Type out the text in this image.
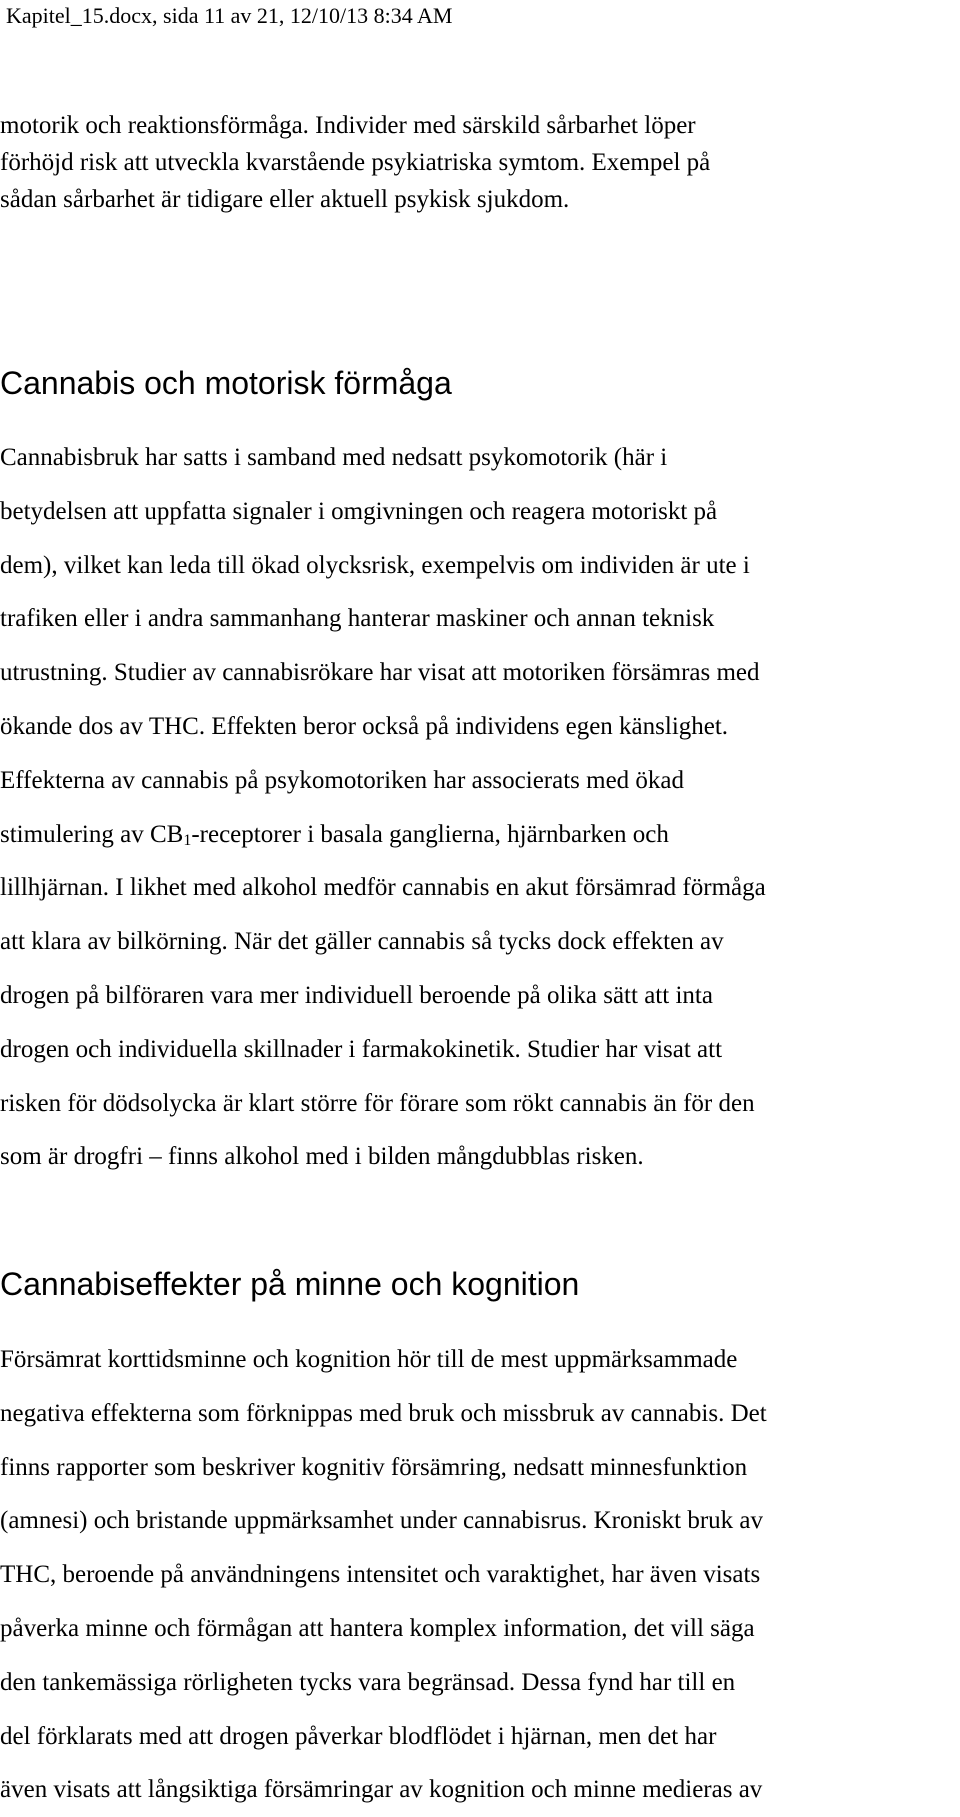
Kapitel_15.docx, sida 11 av 21, 12/10/13 8:34 AM
motorik och reaktionsförmåga. Individer med särskild sårbarhet löper
förhöjd risk att utveckla kvarstående psykiatriska symtom. Exempel på
sådan sårbarhet är tidigare eller aktuell psykisk sjukdom.
Cannabis och motorisk förmåga
Cannabisbruk har satts i samband med nedsatt psykomotorik (här i
betydelsen att uppfatta signaler i omgivningen och reagera motoriskt på
dem), vilket kan leda till ökad olycksrisk, exempelvis om individen är ute i
trafiken eller i andra sammanhang hanterar maskiner och annan teknisk
utrustning. Studier av cannabisrökare har visat att motoriken försämras med
ökande dos av THC. Effekten beror också på individens egen känslighet.
Effekterna av cannabis på psykomotoriken har associerats med ökad
stimulering av $CB_1$-receptorer i basala ganglierna, hjärnbarken och
lillhjärnan. I likhet med alkohol medför cannabis en akut försämrad förmåga
att klara av bilkörning. När det gäller cannabis så tycks dock effekten av
drogen på bilföraren vara mer individuell beroende på olika sätt att inta
drogen och individuella skillnader i farmakokinetik. Studier har visat att
risken för dödsolycka är klart större för förare som rökt cannabis än för den
som är drogfri – finns alkohol med i bilden mångdubblas risken.
Cannabiseffekter på minne och kognition
Försämrat korttidsminne och kognition hör till de mest uppmärksammade
negativa effekterna som förknippas med bruk och missbruk av cannabis. Det
finns rapporter som beskriver kognitiv försämring, nedsatt minnesfunktion
(amnesi) och bristande uppmärksamhet under cannabisrus. Kroniskt bruk av
THC, beroende på användningens intensitet och varaktighet, har även visats
påverka minne och förmågan att hantera komplex information, det vill säga
den tankemässiga rörligheten tycks vara begränsad. Dessa fynd har till en
del förklarats med att drogen påverkar blodflödet i hjärnan, men det har
även visats att långsiktiga försämringar av kognition och minne medieras av
